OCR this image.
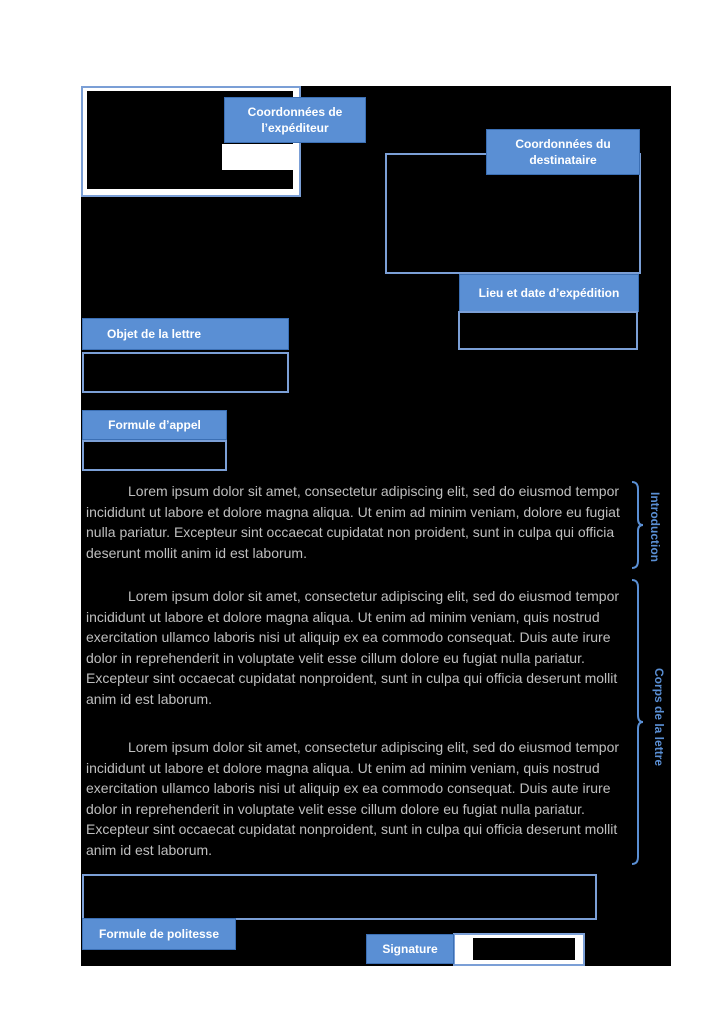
Coordonnées de l’expéditeur
Coordonnées du destinataire
Lieu et date d’expédition
Objet de la lettre
Formule d’appel

Lorem ipsum dolor sit amet, consectetur adipiscing elit, sed do eiusmod tempor incididunt ut labore et dolore magna aliqua. Ut enim ad minim veniam, dolore eu fugiat nulla pariatur. Excepteur sint occaecat cupidatat non proident, sunt in culpa qui officia deserunt mollit anim id est laborum.

Lorem ipsum dolor sit amet, consectetur adipiscing elit, sed do eiusmod tempor incididunt ut labore et dolore magna aliqua. Ut enim ad minim veniam, quis nostrud exercitation ullamco laboris nisi ut aliquip ex ea commodo consequat. Duis aute irure dolor in reprehenderit in voluptate velit esse cillum dolore eu fugiat nulla pariatur. Excepteur sint occaecat cupidatat nonproident, sunt in culpa qui officia deserunt mollit anim id est laborum.

Lorem ipsum dolor sit amet, consectetur adipiscing elit, sed do eiusmod tempor incididunt ut labore et dolore magna aliqua. Ut enim ad minim veniam, quis nostrud exercitation ullamco laboris nisi ut aliquip ex ea commodo consequat. Duis aute irure dolor in reprehenderit in voluptate velit esse cillum dolore eu fugiat nulla pariatur. Excepteur sint occaecat cupidatat nonproident, sunt in culpa qui officia deserunt mollit anim id est laborum.

Introduction
Corps de la lettre
Formule de politesse
Signature
